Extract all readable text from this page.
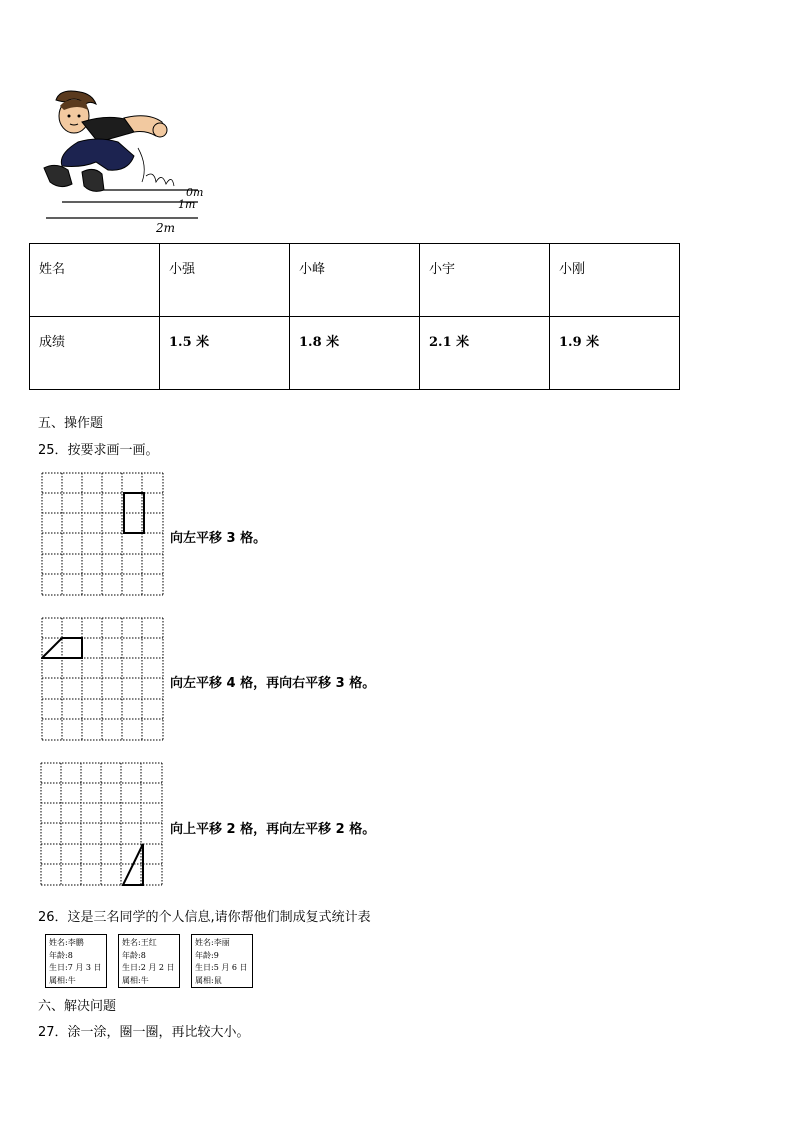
0m
1m
2m
姓名	小强	小峰	小宇	小刚
成绩	1.5 米	1.8 米	2.1 米	1.9 米
五、操作题
25．按要求画一画。
向左平移 3 格。
向左平移 4 格，再向右平移 3 格。
向上平移 2 格，再向左平移 2 格。
26．这是三名同学的个人信息,请你帮他们制成复式统计表
姓名:李鹏
年龄:8
生日:7 月 3 日
属相:牛
姓名:王红
年龄:8
生日:2 月 2 日
属相:牛
姓名:李丽
年龄:9
生日:5 月 6 日
属相:鼠
六、解决问题
27．涂一涂，圈一圈，再比较大小。
